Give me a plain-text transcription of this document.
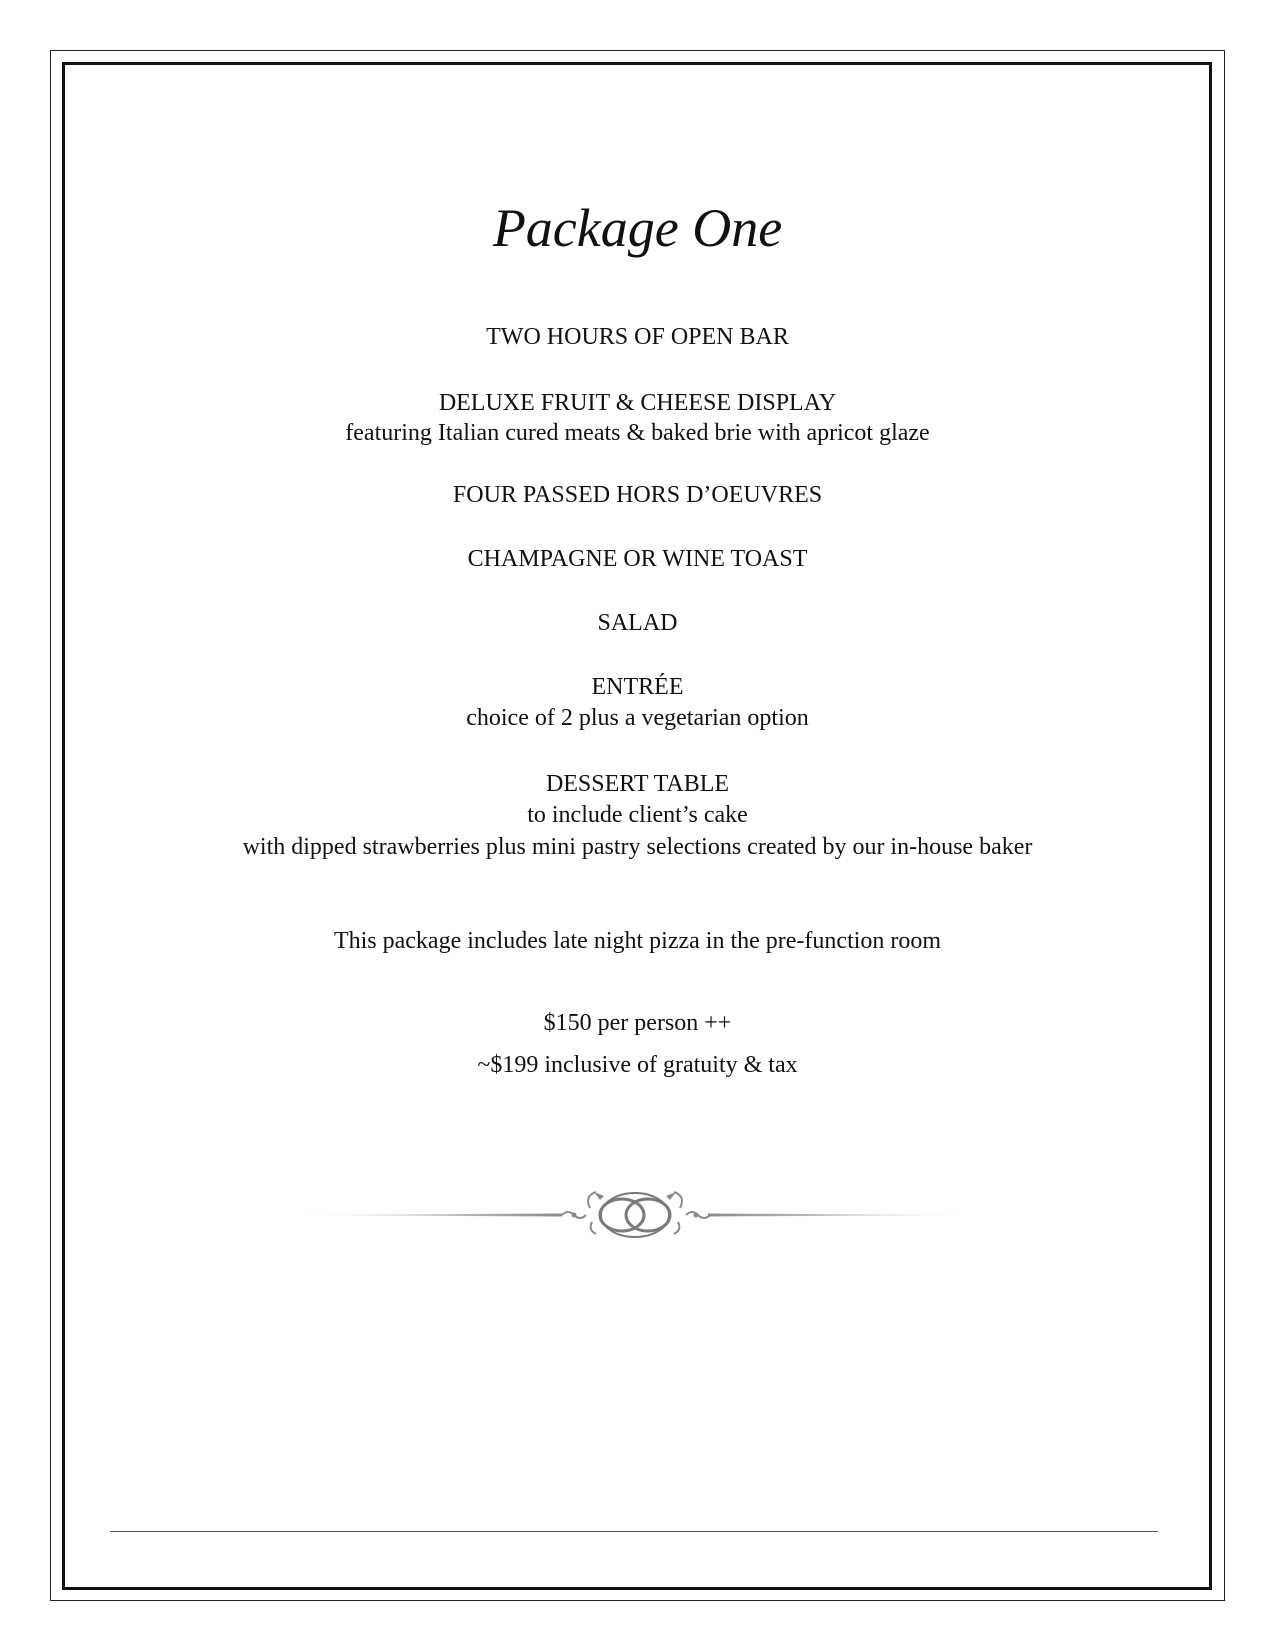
Package One
TWO HOURS OF OPEN BAR
DELUXE FRUIT & CHEESE DISPLAY
featuring Italian cured meats & baked brie with apricot glaze
FOUR PASSED HORS D’OEUVRES
CHAMPAGNE OR WINE TOAST
SALAD
ENTRÉE
choice of 2 plus a vegetarian option
DESSERT TABLE
to include client’s cake
with dipped strawberries plus mini pastry selections created by our in-house baker
This package includes late night pizza in the pre-function room
$150 per person ++
~$199 inclusive of gratuity & tax
